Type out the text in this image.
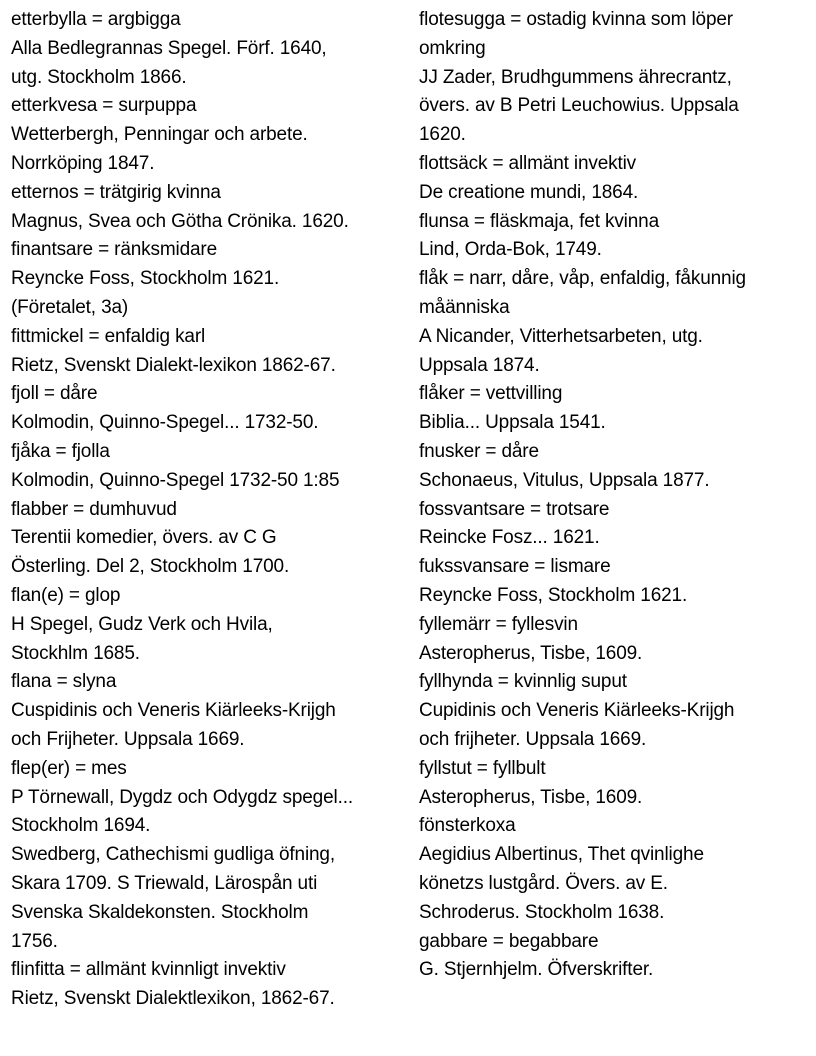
etterbylla = argbigga
Alla Bedlegrannas Spegel. Förf. 1640,
utg. Stockholm 1866.
etterkvesa = surpuppa
Wetterbergh, Penningar och arbete.
Norrköping 1847.
etternos = trätgirig kvinna
Magnus, Svea och Götha Crönika. 1620.
finantsare = ränksmidare
Reyncke Foss, Stockholm 1621.
(Företalet, 3a)
fittmickel = enfaldig karl
Rietz, Svenskt Dialekt-lexikon 1862-67.
fjoll = dåre
Kolmodin, Quinno-Spegel... 1732-50.
fjåka = fjolla
Kolmodin, Quinno-Spegel 1732-50 1:85
flabber = dumhuvud
Terentii komedier, övers. av C G
Österling. Del 2, Stockholm 1700.
flan(e) = glop
H Spegel, Gudz Verk och Hvila,
Stockhlm 1685.
flana = slyna
Cuspidinis och Veneris Kiärleeks-Krijgh
och Frijheter. Uppsala 1669.
flep(er) = mes
P Törnewall, Dygdz och Odygdz spegel...
Stockholm 1694.
Swedberg, Cathechismi gudliga öfning,
Skara 1709. S Triewald, Lärospån uti
Svenska Skaldekonsten. Stockholm
1756.
flinfitta = allmänt kvinnligt invektiv
Rietz, Svenskt Dialektlexikon, 1862-67.
flotesugga = ostadig kvinna som löper
omkring
JJ Zader, Brudhgummens ährecrantz,
övers. av B Petri Leuchowius. Uppsala
1620.
flottsäck = allmänt invektiv
De creatione mundi, 1864.
flunsa = fläskmaja, fet kvinna
Lind, Orda-Bok, 1749.
flåk = narr, dåre, våp, enfaldig, fåkunnig
måänniska
A Nicander, Vitterhetsarbeten, utg.
Uppsala 1874.
flåker = vettvilling
Biblia... Uppsala 1541.
fnusker = dåre
Schonaeus, Vitulus, Uppsala 1877.
fossvantsare = trotsare
Reincke Fosz... 1621.
fukssvansare = lismare
Reyncke Foss, Stockholm 1621.
fyllemärr = fyllesvin
Asteropherus, Tisbe, 1609.
fyllhynda = kvinnlig suput
Cupidinis och Veneris Kiärleeks-Krijgh
och frijheter. Uppsala 1669.
fyllstut = fyllbult
Asteropherus, Tisbe, 1609.
fönsterkoxa
Aegidius Albertinus, Thet qvinlighe
könetzs lustgård. Övers. av E.
Schroderus. Stockholm 1638.
gabbare = begabbare
G. Stjernhjelm. Öfverskrifter.
